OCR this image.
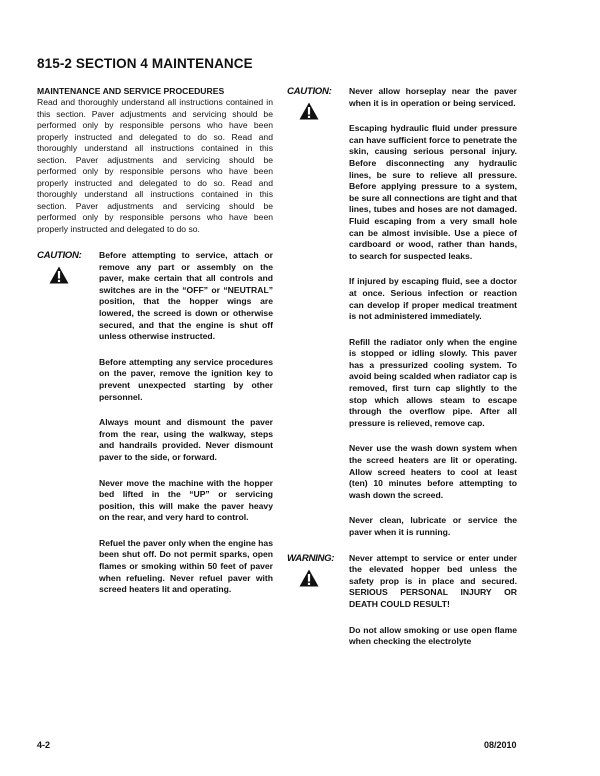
815-2 SECTION 4 MAINTENANCE
MAINTENANCE AND SERVICE PROCEDURES

Read and thoroughly understand all instructions contained in this section. Paver adjustments and servicing should be performed only by responsible persons who have been properly instructed and delegated to do so. Read and thoroughly understand all instructions contained in this section. Paver adjustments and servicing should be performed only by responsible persons who have been properly instructed and delegated to do so. Read and thoroughly understand all instructions contained in this section. Paver adjustments and servicing should be performed only by responsible persons who have been properly instructed and delegated to do so.

CAUTION:	Before attempting to service, attach or remove any part or assembly on the paver, make certain that all controls and switches are in the “OFF” or “NEUTRAL” position, that the hopper wings are lowered, the screed is down or otherwise secured, and that the engine is shut off unless otherwise instructed.

Before attempting any service procedures on the paver, remove the ignition key to prevent unexpected starting by other personnel.

Always mount and dismount the paver from the rear, using the walkway, steps and handrails provided. Never dismount paver to the side, or forward.

Never move the machine with the hopper bed lifted in the “UP” or servicing position, this will make the paver heavy on the rear, and very hard to control.

Refuel the paver only when the engine has been shut off. Do not permit sparks, open flames or smoking within 50 feet of paver when refueling. Never refuel paver with screed heaters lit and operating.

CAUTION:	Never allow horseplay near the paver when it is in operation or being serviced.

Escaping hydraulic fluid under pressure can have sufficient force to penetrate the skin, causing serious personal injury. Before disconnecting any hydraulic lines, be sure to relieve all pressure. Before applying pressure to a system, be sure all connections are tight and that lines, tubes and hoses are not damaged. Fluid escaping from a very small hole can be almost invisible. Use a piece of cardboard or wood, rather than hands, to search for suspected leaks.

If injured by escaping fluid, see a doctor at once. Serious infection or reaction can develop if proper medical treatment is not administered immediately.

Refill the radiator only when the engine is stopped or idling slowly. This paver has a pressurized cooling system. To avoid being scalded when radiator cap is removed, first turn cap slightly to the stop which allows steam to escape through the overflow pipe. After all pressure is relieved, remove cap.

Never use the wash down system when the screed heaters are lit or operating. Allow screed heaters to cool at least (ten) 10 minutes before attempting to wash down the screed.

Never clean, lubricate or service the paver when it is running.

WARNING:	Never attempt to service or enter under the elevated hopper bed unless the safety prop is in place and secured. SERIOUS PERSONAL INJURY OR DEATH COULD RESULT!

Do not allow smoking or use open flame when checking the electrolyte

4-2	08/2010
